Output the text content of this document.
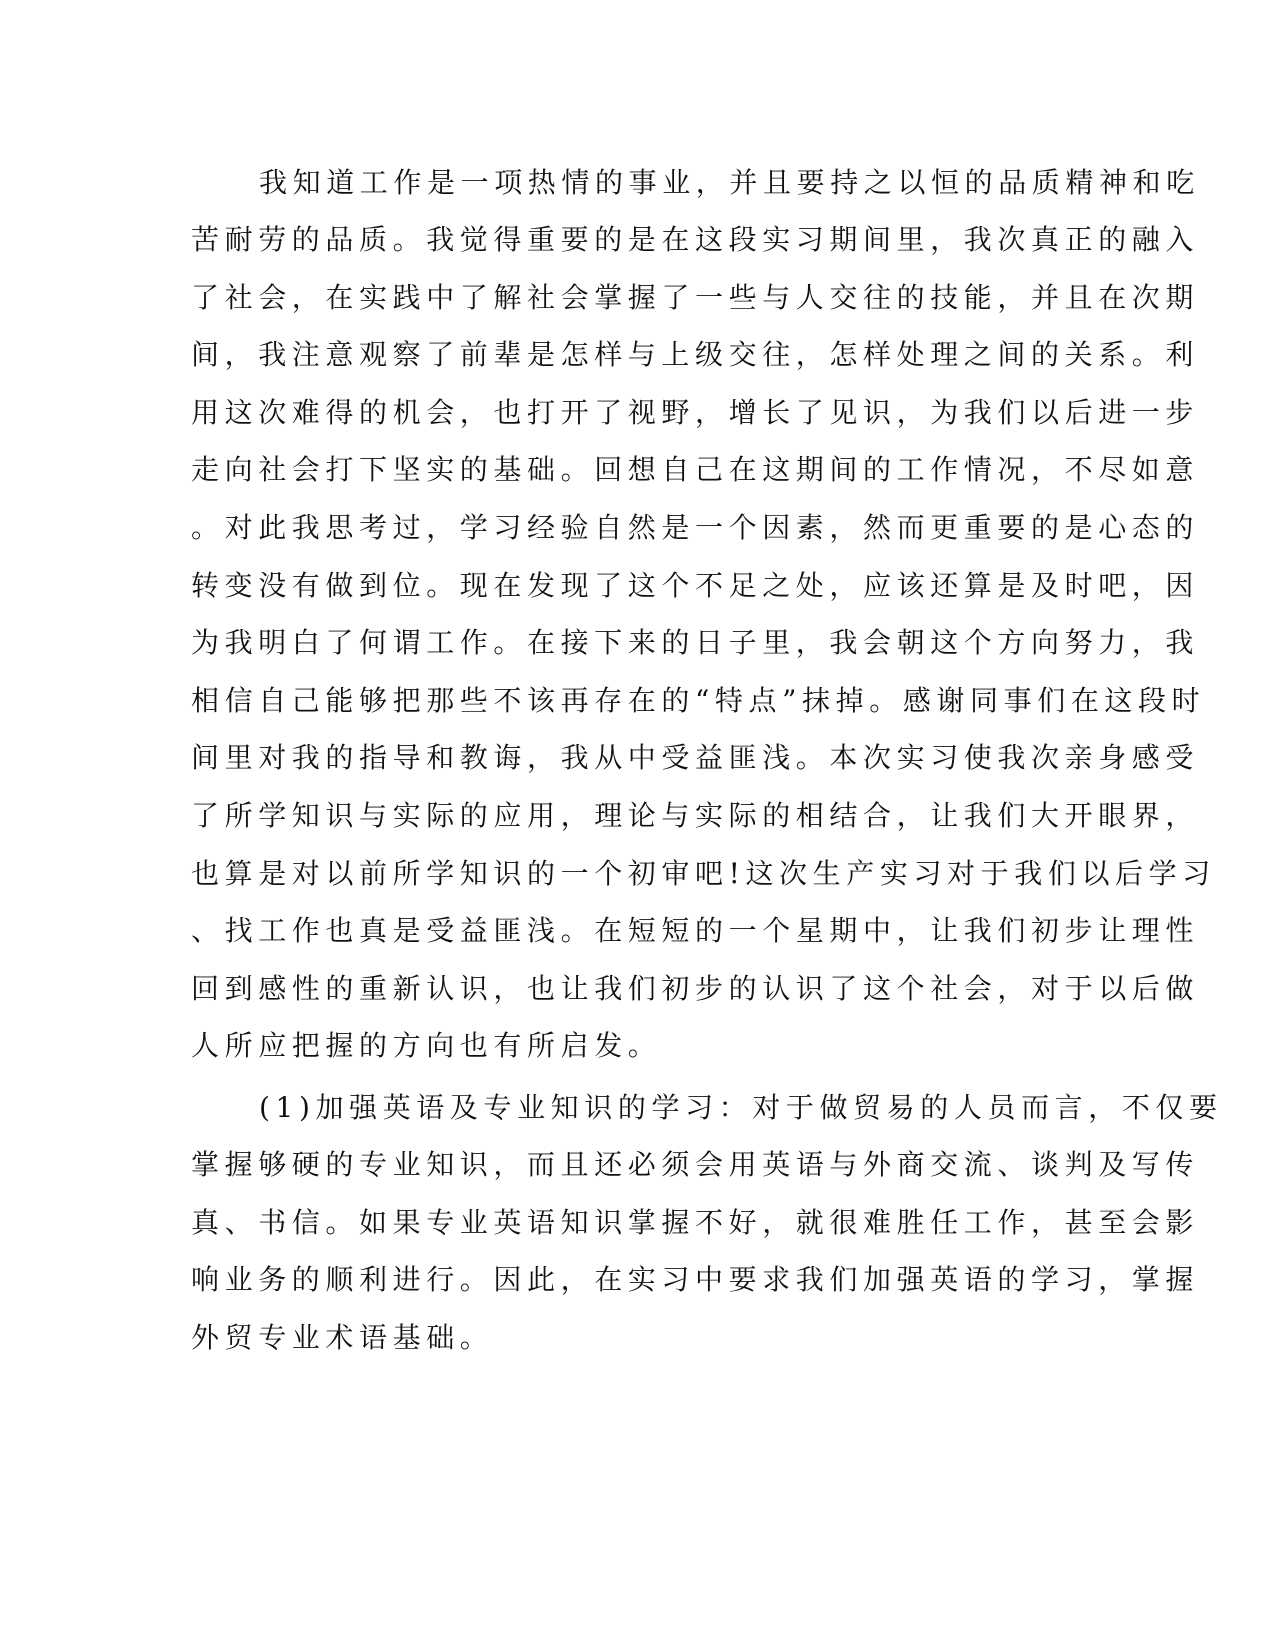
我知道工作是一项热情的事业，并且要持之以恒的品质精神和吃
苦耐劳的品质。我觉得重要的是在这段实习期间里，我次真正的融入
了社会，在实践中了解社会掌握了一些与人交往的技能，并且在次期
间，我注意观察了前辈是怎样与上级交往，怎样处理之间的关系。利
用这次难得的机会，也打开了视野，增长了见识，为我们以后进一步
走向社会打下坚实的基础。回想自己在这期间的工作情况，不尽如意
。对此我思考过，学习经验自然是一个因素，然而更重要的是心态的
转变没有做到位。现在发现了这个不足之处，应该还算是及时吧，因
为我明白了何谓工作。在接下来的日子里，我会朝这个方向努力，我
相信自己能够把那些不该再存在的“特点”抹掉。感谢同事们在这段时
间里对我的指导和教诲，我从中受益匪浅。本次实习使我次亲身感受
了所学知识与实际的应用，理论与实际的相结合，让我们大开眼界，
也算是对以前所学知识的一个初审吧!这次生产实习对于我们以后学习
、找工作也真是受益匪浅。在短短的一个星期中，让我们初步让理性
回到感性的重新认识，也让我们初步的认识了这个社会，对于以后做
人所应把握的方向也有所启发。
(1)加强英语及专业知识的学习：对于做贸易的人员而言，不仅要
掌握够硬的专业知识，而且还必须会用英语与外商交流、谈判及写传
真、书信。如果专业英语知识掌握不好，就很难胜任工作，甚至会影
响业务的顺利进行。因此，在实习中要求我们加强英语的学习，掌握
外贸专业术语基础。
